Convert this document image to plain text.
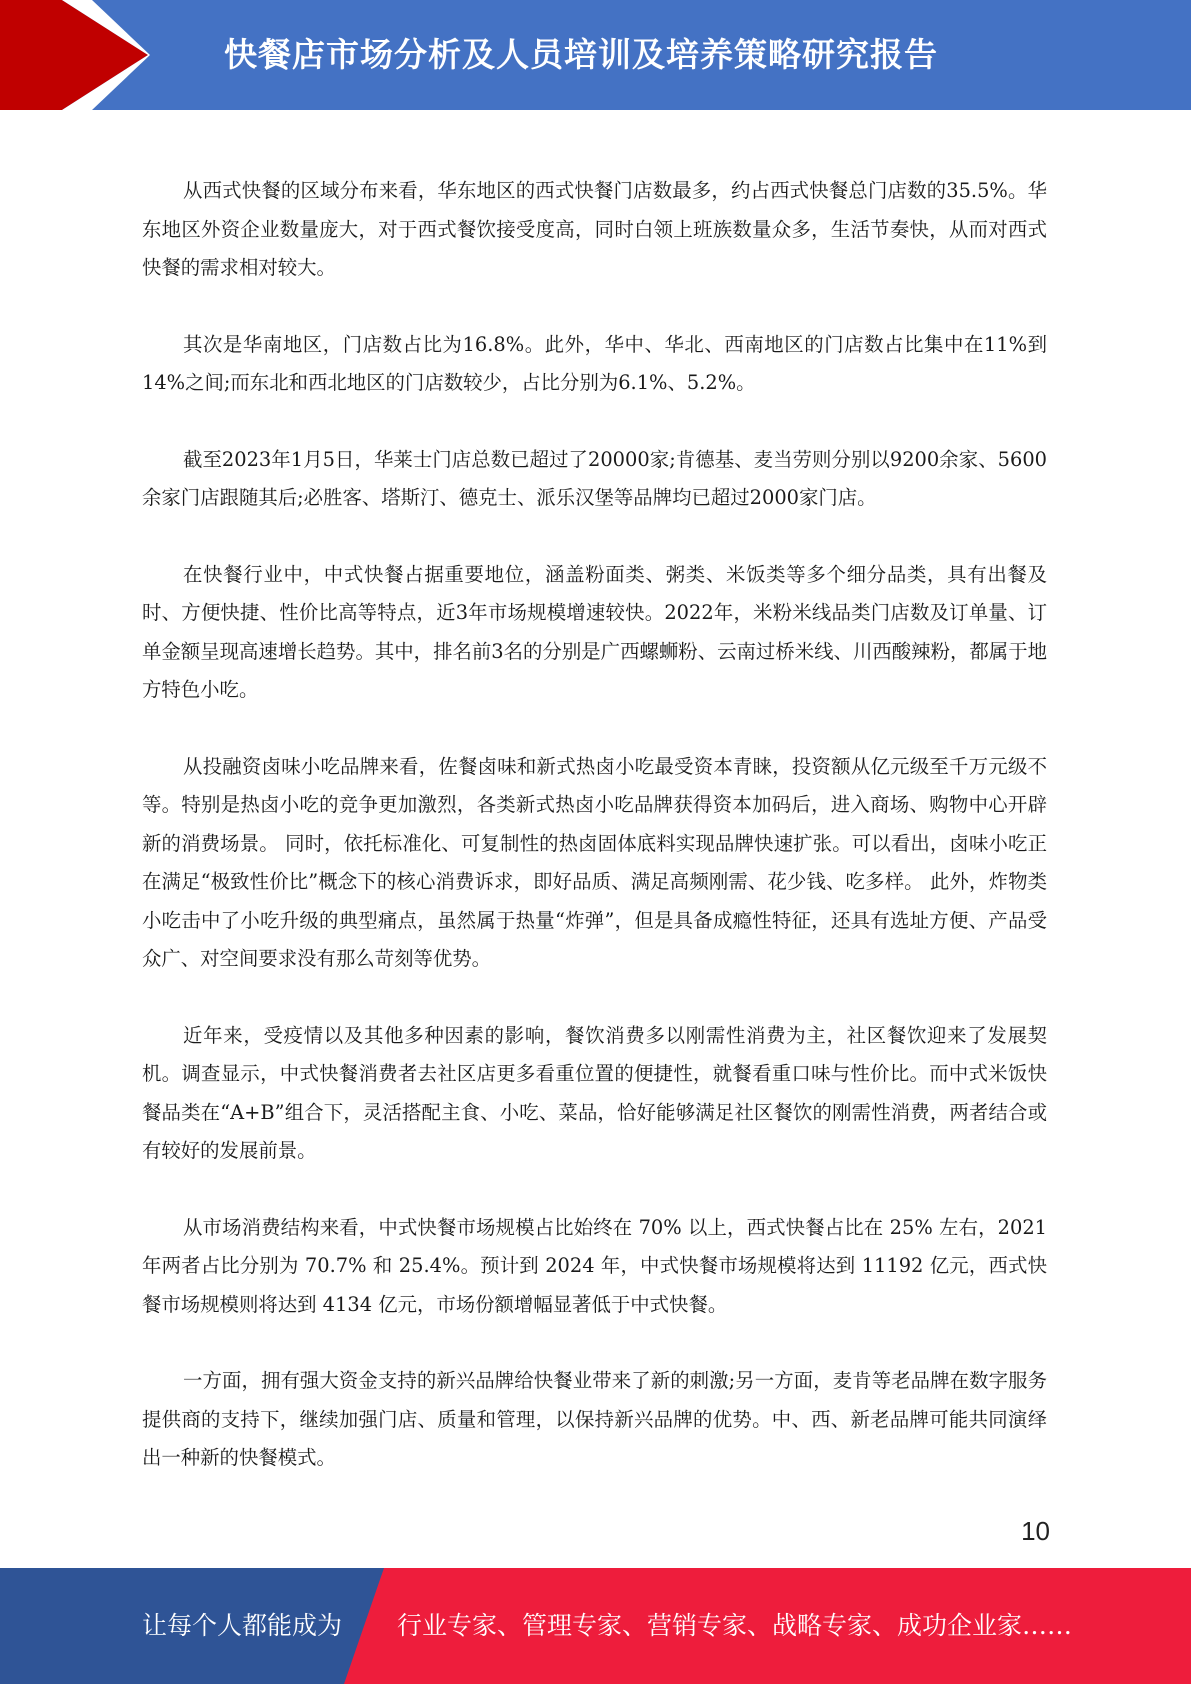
快餐店市场分析及人员培训及培养策略研究报告

从西式快餐的区域分布来看，华东地区的西式快餐门店数最多，约占西式快餐总门店数的35.5%。华东地区外资企业数量庞大，对于西式餐饮接受度高，同时白领上班族数量众多，生活节奏快，从而对西式快餐的需求相对较大。

其次是华南地区，门店数占比为16.8%。此外，华中、华北、西南地区的门店数占比集中在11%到14%之间;而东北和西北地区的门店数较少，占比分别为6.1%、5.2%。

截至2023年1月5日，华莱士门店总数已超过了20000家;肯德基、麦当劳则分别以9200余家、5600余家门店跟随其后;必胜客、塔斯汀、德克士、派乐汉堡等品牌均已超过2000家门店。

在快餐行业中，中式快餐占据重要地位，涵盖粉面类、粥类、米饭类等多个细分品类，具有出餐及时、方便快捷、性价比高等特点，近3年市场规模增速较快。2022年，米粉米线品类门店数及订单量、订单金额呈现高速增长趋势。其中，排名前3名的分别是广西螺蛳粉、云南过桥米线、川西酸辣粉，都属于地方特色小吃。

从投融资卤味小吃品牌来看，佐餐卤味和新式热卤小吃最受资本青睐，投资额从亿元级至千万元级不等。特别是热卤小吃的竞争更加激烈，各类新式热卤小吃品牌获得资本加码后，进入商场、购物中心开辟新的消费场景。 同时，依托标准化、可复制性的热卤固体底料实现品牌快速扩张。可以看出，卤味小吃正在满足“极致性价比”概念下的核心消费诉求，即好品质、满足高频刚需、花少钱、吃多样。 此外，炸物类小吃击中了小吃升级的典型痛点，虽然属于热量“炸弹”，但是具备成瘾性特征，还具有选址方便、产品受众广、对空间要求没有那么苛刻等优势。

近年来，受疫情以及其他多种因素的影响，餐饮消费多以刚需性消费为主，社区餐饮迎来了发展契机。调查显示，中式快餐消费者去社区店更多看重位置的便捷性，就餐看重口味与性价比。而中式米饭快餐品类在“A+B”组合下，灵活搭配主食、小吃、菜品，恰好能够满足社区餐饮的刚需性消费，两者结合或有较好的发展前景。

从市场消费结构来看，中式快餐市场规模占比始终在 70% 以上，西式快餐占比在 25% 左右，2021 年两者占比分别为 70.7% 和 25.4%。预计到 2024 年，中式快餐市场规模将达到 11192 亿元，西式快餐市场规模则将达到 4134 亿元，市场份额增幅显著低于中式快餐。

一方面，拥有强大资金支持的新兴品牌给快餐业带来了新的刺激;另一方面，麦肯等老品牌在数字服务提供商的支持下，继续加强门店、质量和管理，以保持新兴品牌的优势。中、西、新老品牌可能共同演绎出一种新的快餐模式。

10
让每个人都能成为 行业专家、管理专家、营销专家、战略专家、成功企业家……
